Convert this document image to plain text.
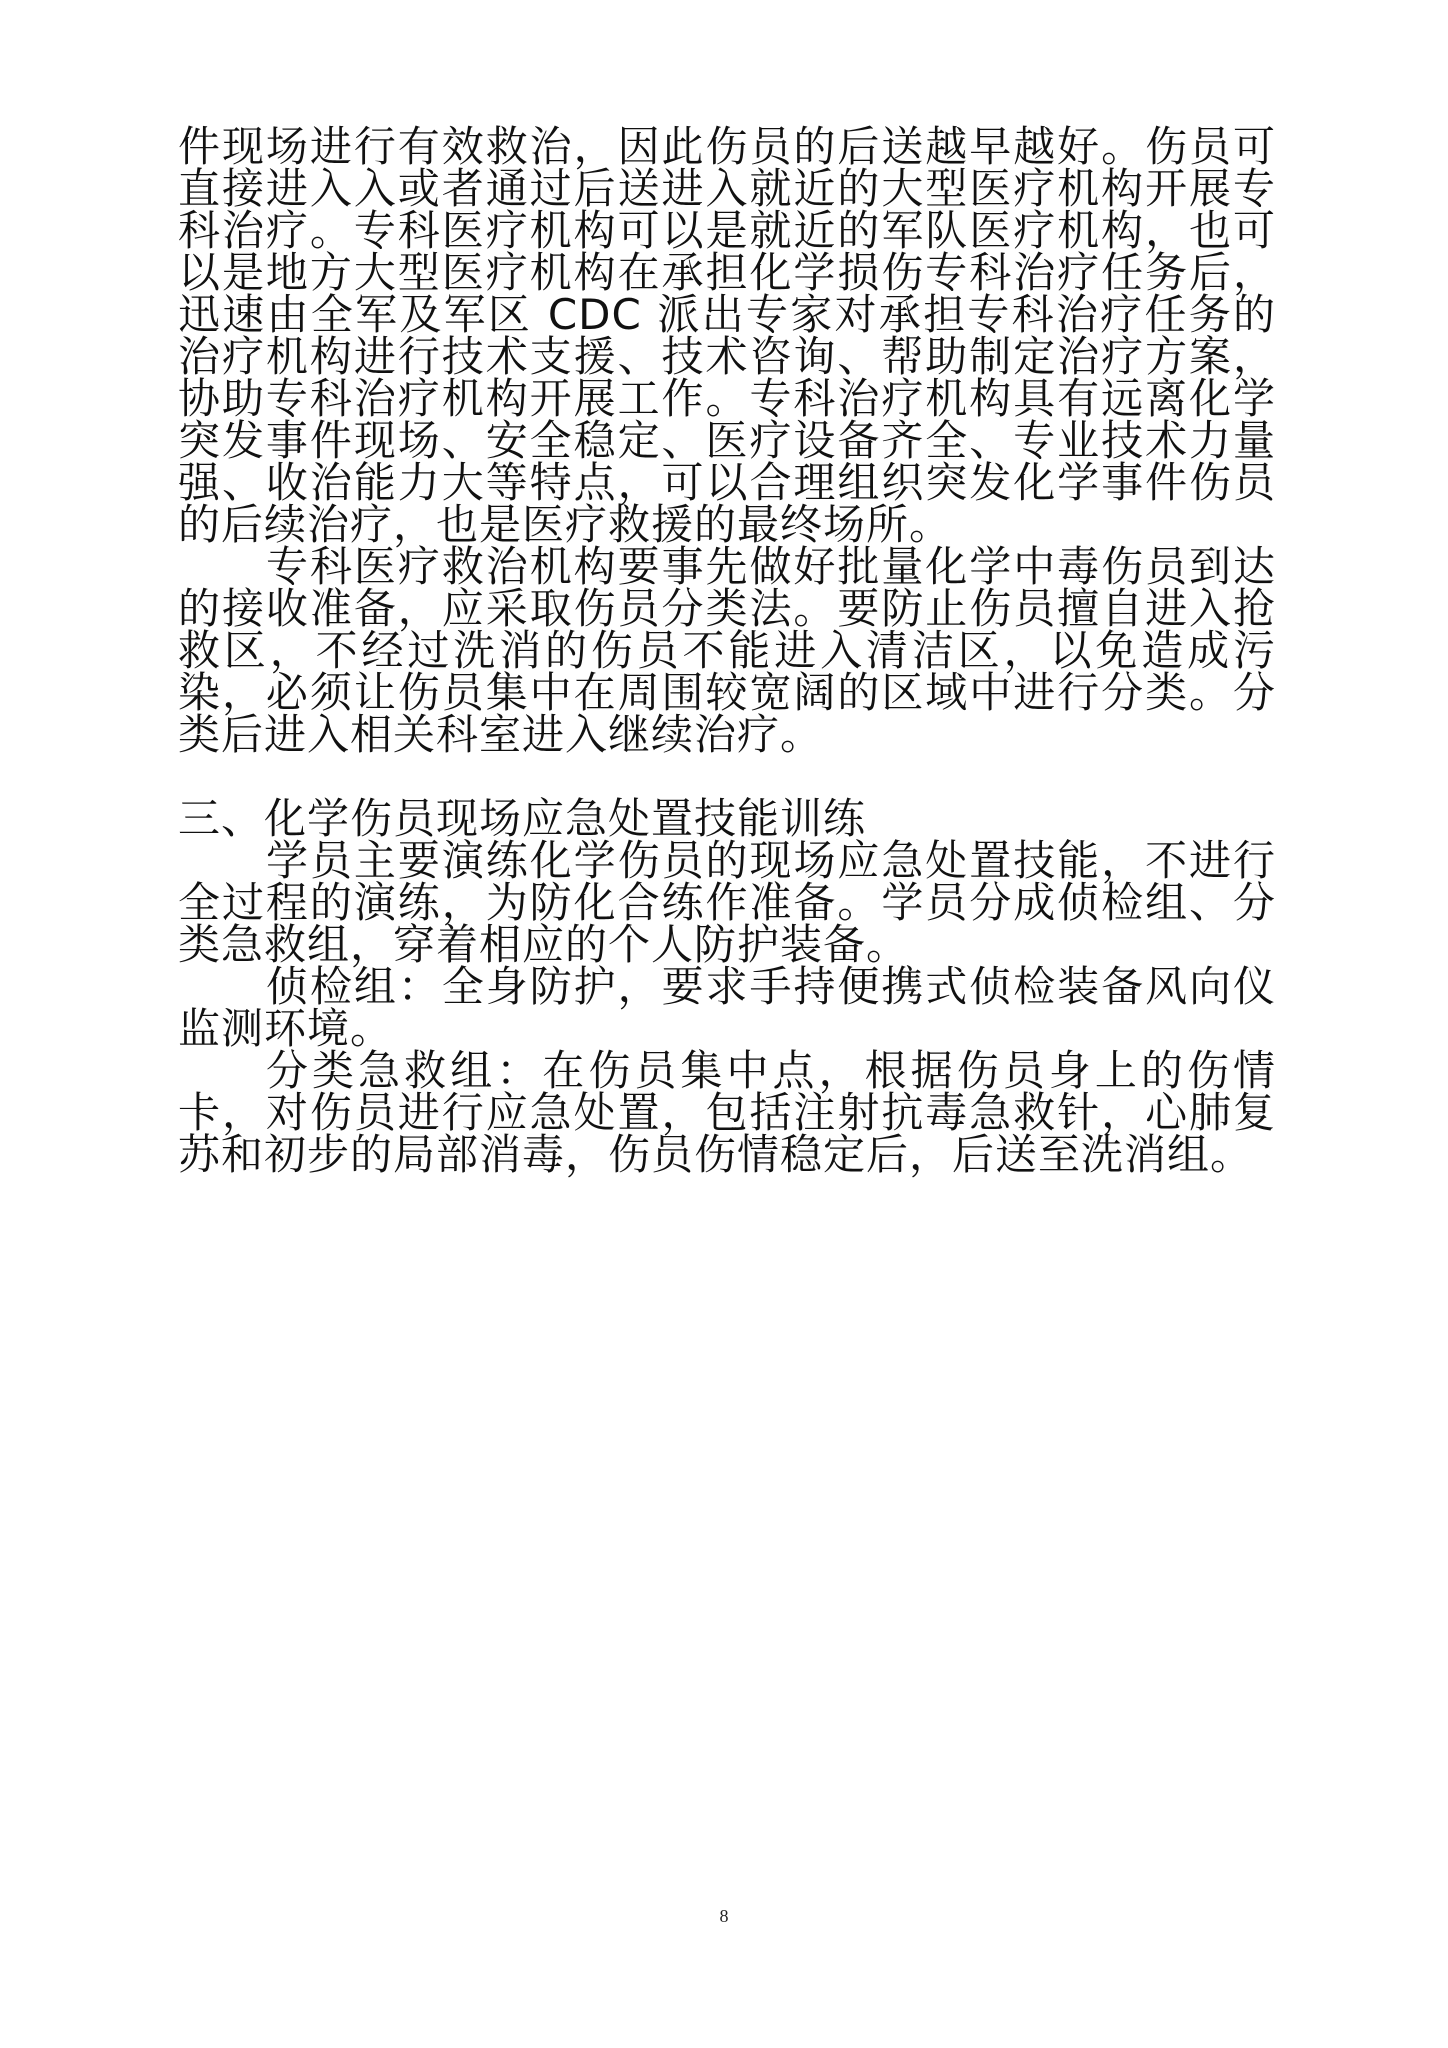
件现场进行有效救治，因此伤员的后送越早越好。伤员可直接进入入或者通过后送进入就近的大型医疗机构开展专科治疗。专科医疗机构可以是就近的军队医疗机构，也可以是地方大型医疗机构在承担化学损伤专科治疗任务后，迅速由全军及军区 CDC 派出专家对承担专科治疗任务的治疗机构进行技术支援、技术咨询、帮助制定治疗方案，协助专科治疗机构开展工作。专科治疗机构具有远离化学突发事件现场、安全稳定、医疗设备齐全、专业技术力量强、收治能力大等特点，可以合理组织突发化学事件伤员的后续治疗，也是医疗救援的最终场所。

专科医疗救治机构要事先做好批量化学中毒伤员到达的接收准备，应采取伤员分类法。要防止伤员擅自进入抢救区，不经过洗消的伤员不能进入清洁区，以免造成污染，必须让伤员集中在周围较宽阔的区域中进行分类。分类后进入相关科室进入继续治疗。

三、化学伤员现场应急处置技能训练

学员主要演练化学伤员的现场应急处置技能，不进行全过程的演练，为防化合练作准备。学员分成侦检组、分类急救组，穿着相应的个人防护装备。

侦检组：全身防护，要求手持便携式侦检装备风向仪监测环境。

分类急救组：在伤员集中点，根据伤员身上的伤情卡，对伤员进行应急处置，包括注射抗毒急救针，心肺复苏和初步的局部消毒，伤员伤情稳定后，后送至洗消组。

8
